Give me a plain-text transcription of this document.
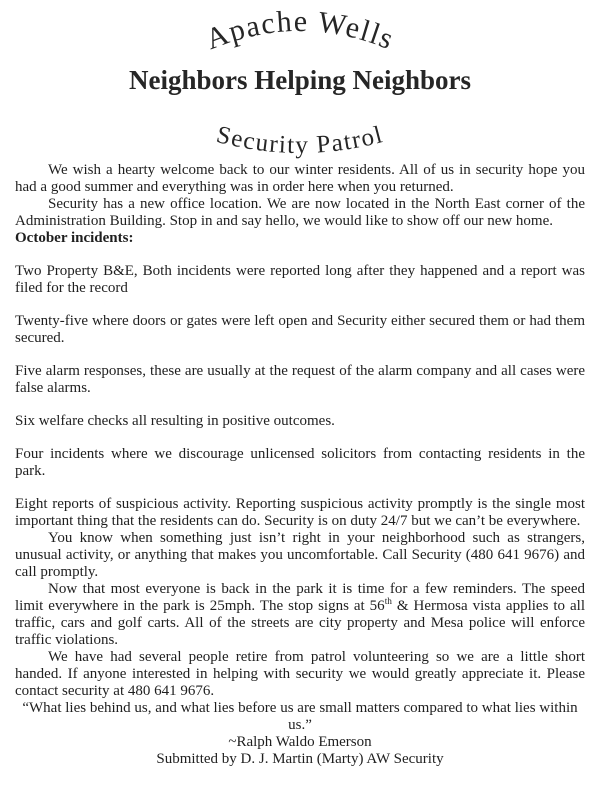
Apache Wells
Neighbors Helping Neighbors
Security Patrol

We wish a hearty welcome back to our winter residents. All of us in security hope you had a good summer and everything was in order here when you returned.

Security has a new office location. We are now located in the North East corner of the Administration Building. Stop in and say hello, we would like to show off our new home.

October incidents:

Two Property B&E, Both incidents were reported long after they happened and a report was filed for the record

Twenty-five where doors or gates were left open and Security either secured them or had them secured.

Five alarm responses, these are usually at the request of the alarm company and all cases were false alarms.

Six welfare checks all resulting in positive outcomes.

Four incidents where we discourage unlicensed solicitors from contacting residents in the park.

Eight reports of suspicious activity. Reporting suspicious activity promptly is the single most important thing that the residents can do. Security is on duty 24/7 but we can’t be everywhere.

You know when something just isn’t right in your neighborhood such as strangers, unusual activity, or anything that makes you uncomfortable. Call Security (480 641 9676) and call promptly.

Now that most everyone is back in the park it is time for a few reminders. The speed limit everywhere in the park is 25mph. The stop signs at 56th & Hermosa vista applies to all traffic, cars and golf carts. All of the streets are city property and Mesa police will enforce traffic violations.

We have had several people retire from patrol volunteering so we are a little short handed. If anyone interested in helping with security we would greatly appreciate it. Please contact security at 480 641 9676.

“What lies behind us, and what lies before us are small matters compared to what lies within us.”

~Ralph Waldo Emerson

Submitted by D. J. Martin (Marty) AW Security
